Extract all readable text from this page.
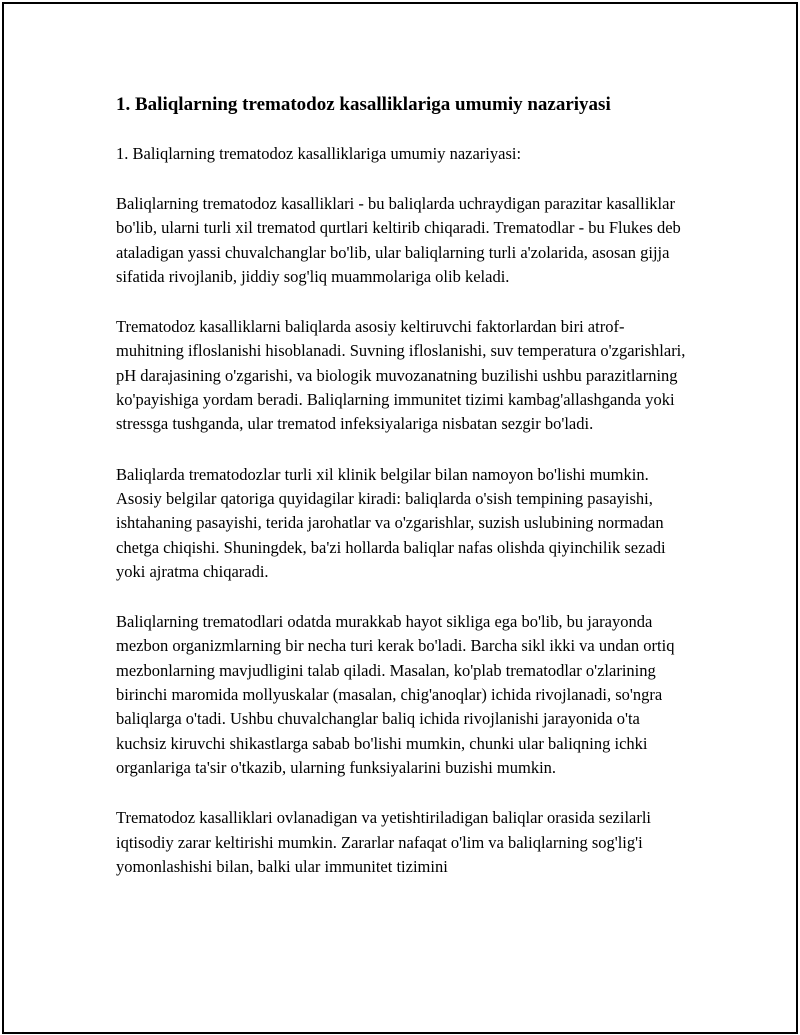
1. Baliqlarning trematodoz kasalliklariga umumiy nazariyasi

1. Baliqlarning trematodoz kasalliklariga umumiy nazariyasi:

Baliqlarning trematodoz kasalliklari - bu baliqlarda uchraydigan parazitar kasalliklar bo'lib, ularni turli xil trematod qurtlari keltirib chiqaradi. Trematodlar - bu Flukes deb ataladigan yassi chuvalchanglar bo'lib, ular baliqlarning turli a'zolarida, asosan gijja sifatida rivojlanib, jiddiy sog'liq muammolariga olib keladi.

Trematodoz kasalliklarni baliqlarda asosiy keltiruvchi faktorlardan biri atrof-muhitning ifloslanishi hisoblanadi. Suvning ifloslanishi, suv temperatura o'zgarishlari, pH darajasining o'zgarishi, va biologik muvozanatning buzilishi ushbu parazitlarning ko'payishiga yordam beradi. Baliqlarning immunitet tizimi kambag'allashganda yoki stressga tushganda, ular trematod infeksiyalariga nisbatan sezgir bo'ladi.

Baliqlarda trematodozlar turli xil klinik belgilar bilan namoyon bo'lishi mumkin. Asosiy belgilar qatoriga quyidagilar kiradi: baliqlarda o'sish tempining pasayishi, ishtahaning pasayishi, terida jarohatlar va o'zgarishlar, suzish uslubining normadan chetga chiqishi. Shuningdek, ba'zi hollarda baliqlar nafas olishda qiyinchilik sezadi yoki ajratma chiqaradi.

Baliqlarning trematodlari odatda murakkab hayot sikliga ega bo'lib, bu jarayonda mezbon organizmlarning bir necha turi kerak bo'ladi. Barcha sikl ikki va undan ortiq mezbonlarning mavjudligini talab qiladi. Masalan, ko'plab trematodlar o'zlarining birinchi maromida mollyuskalar (masalan, chig'anoqlar) ichida rivojlanadi, so'ngra baliqlarga o'tadi. Ushbu chuvalchanglar baliq ichida rivojlanishi jarayonida o'ta kuchsiz kiruvchi shikastlarga sabab bo'lishi mumkin, chunki ular baliqning ichki organlariga ta'sir o'tkazib, ularning funksiyalarini buzishi mumkin.

Trematodoz kasalliklari ovlanadigan va yetishtiriladigan baliqlar orasida sezilarli iqtisodiy zarar keltirishi mumkin. Zararlar nafaqat o'lim va baliqlarning sog'lig'i yomonlashishi bilan, balki ular immunitet tizimini
